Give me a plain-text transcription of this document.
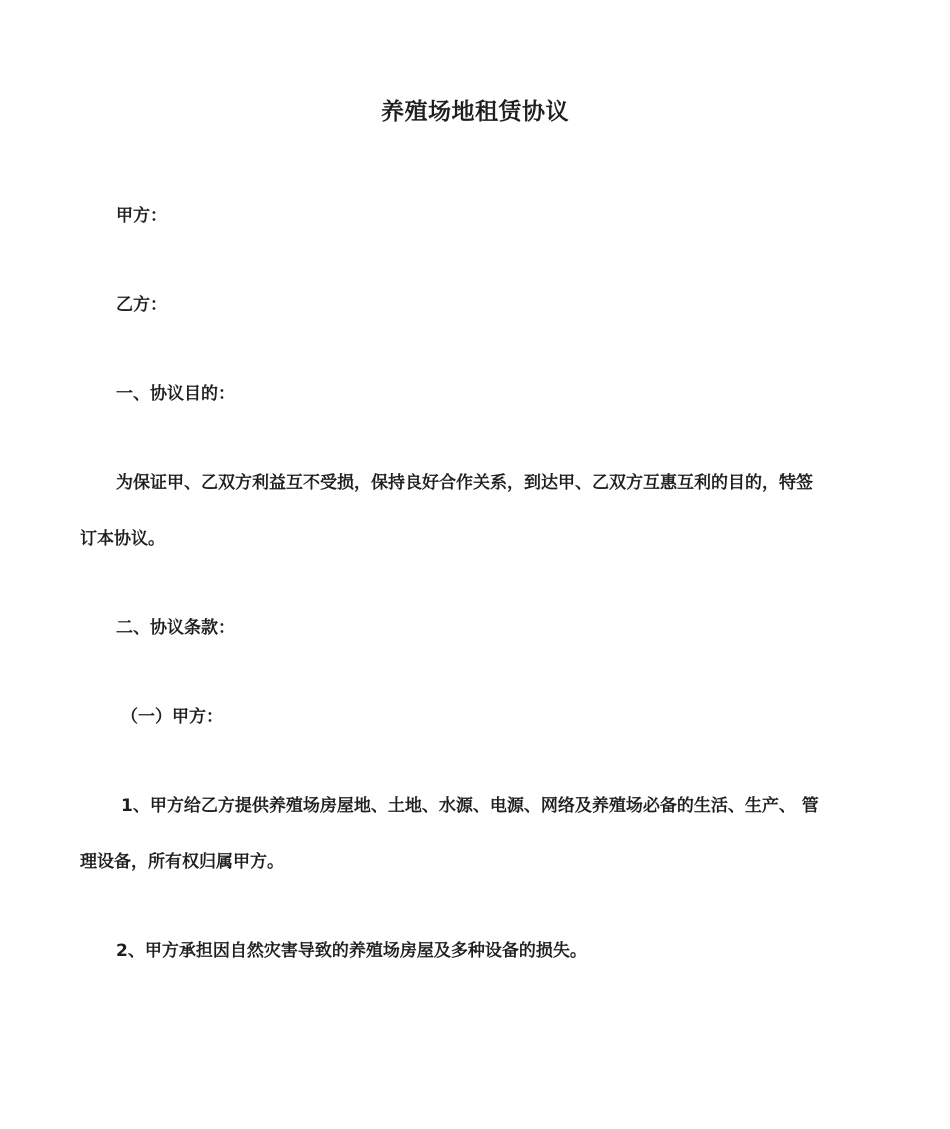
养殖场地租赁协议
甲方：
乙方：
一、协议目的：
为保证甲、乙双方利益互不受损，保持良好合作关系，到达甲、乙双方互惠互利的目的，特签
订本协议。
二、协议条款：
（一）甲方：
1、甲方给乙方提供养殖场房屋地、土地、水源、电源、网络及养殖场必备的生活、生产、 管
理设备，所有权归属甲方。
2、甲方承担因自然灾害导致的养殖场房屋及多种设备的损失。
